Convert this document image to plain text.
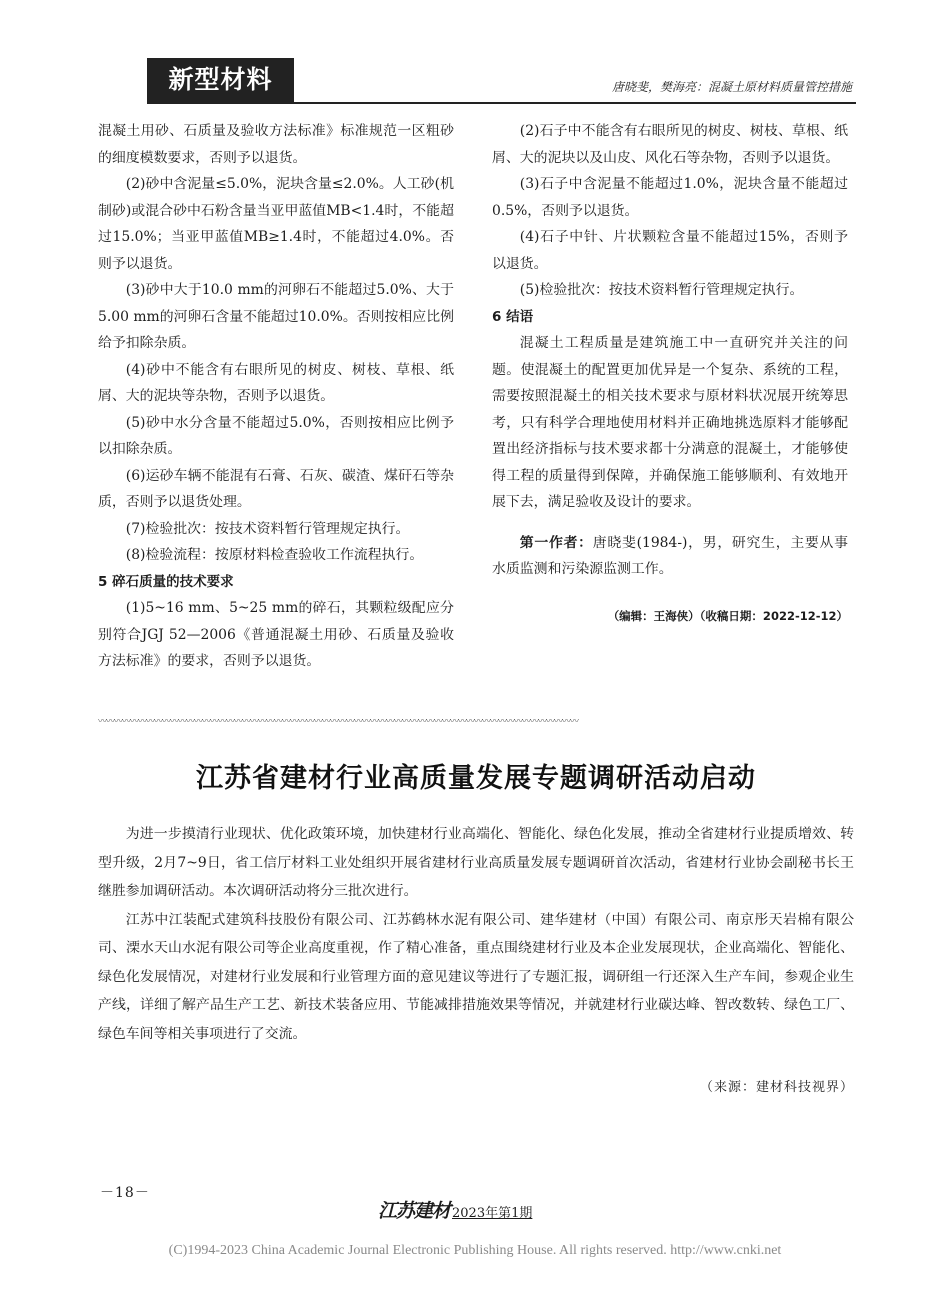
新型材料	唐晓斐，樊海亮：混凝土原材料质量管控措施

混凝土用砂、石质量及验收方法标准》标准规范一区粗砂的细度模数要求，否则予以退货。

(2)砂中含泥量≤5.0%，泥块含量≤2.0%。人工砂(机制砂)或混合砂中石粉含量当亚甲蓝值MB<1.4时，不能超过15.0%；当亚甲蓝值MB≥1.4时，不能超过4.0%。否则予以退货。

(3)砂中大于10.0 mm的河卵石不能超过5.0%、大于5.00 mm的河卵石含量不能超过10.0%。否则按相应比例给予扣除杂质。

(4)砂中不能含有右眼所见的树皮、树枝、草根、纸屑、大的泥块等杂物，否则予以退货。

(5)砂中水分含量不能超过5.0%，否则按相应比例予以扣除杂质。

(6)运砂车辆不能混有石膏、石灰、碳渣、煤矸石等杂质，否则予以退货处理。

(7)检验批次：按技术资料暂行管理规定执行。

(8)检验流程：按原材料检查验收工作流程执行。

5 碎石质量的技术要求

(1)5~16 mm、5~25 mm的碎石，其颗粒级配应分别符合JGJ 52—2006《普通混凝土用砂、石质量及验收方法标准》的要求，否则予以退货。

(2)石子中不能含有右眼所见的树皮、树枝、草根、纸屑、大的泥块以及山皮、风化石等杂物，否则予以退货。

(3)石子中含泥量不能超过1.0%，泥块含量不能超过0.5%，否则予以退货。

(4)石子中针、片状颗粒含量不能超过15%，否则予以退货。

(5)检验批次：按技术资料暂行管理规定执行。

6 结语

混凝土工程质量是建筑施工中一直研究并关注的问题。使混凝土的配置更加优异是一个复杂、系统的工程，需要按照混凝土的相关技术要求与原材料状况展开统筹思考，只有科学合理地使用材料并正确地挑选原料才能够配置出经济指标与技术要求都十分满意的混凝土，才能够使得工程的质量得到保障，并确保施工能够顺利、有效地开展下去，满足验收及设计的要求。

第一作者：唐晓斐(1984-)，男，研究生，主要从事水质监测和污染源监测工作。

（编辑：王海侠）（收稿日期：2022-12-12）

〰〰〰〰〰〰〰〰〰〰〰〰〰〰〰〰〰〰〰〰〰〰〰〰〰〰〰〰〰〰〰〰〰〰〰〰〰〰〰〰〰〰〰〰〰〰〰〰〰〰〰〰〰〰〰〰〰〰〰〰
江苏省建材行业高质量发展专题调研活动启动

为进一步摸清行业现状、优化政策环境，加快建材行业高端化、智能化、绿色化发展，推动全省建材行业提质增效、转型升级，2月7~9日，省工信厅材料工业处组织开展省建材行业高质量发展专题调研首次活动，省建材行业协会副秘书长王继胜参加调研活动。本次调研活动将分三批次进行。

江苏中江装配式建筑科技股份有限公司、江苏鹤林水泥有限公司、建华建材（中国）有限公司、南京彤天岩棉有限公司、溧水天山水泥有限公司等企业高度重视，作了精心准备，重点围绕建材行业及本企业发展现状，企业高端化、智能化、绿色化发展情况，对建材行业发展和行业管理方面的意见建议等进行了专题汇报，调研组一行还深入生产车间，参观企业生产线，详细了解产品生产工艺、新技术装备应用、节能减排措施效果等情况，并就建材行业碳达峰、智改数转、绿色工厂、绿色车间等相关事项进行了交流。

（来源：建材科技视界）
－18－
江苏建材 2023年第1期
(C)1994-2023 China Academic Journal Electronic Publishing House. All rights reserved. http://www.cnki.net
